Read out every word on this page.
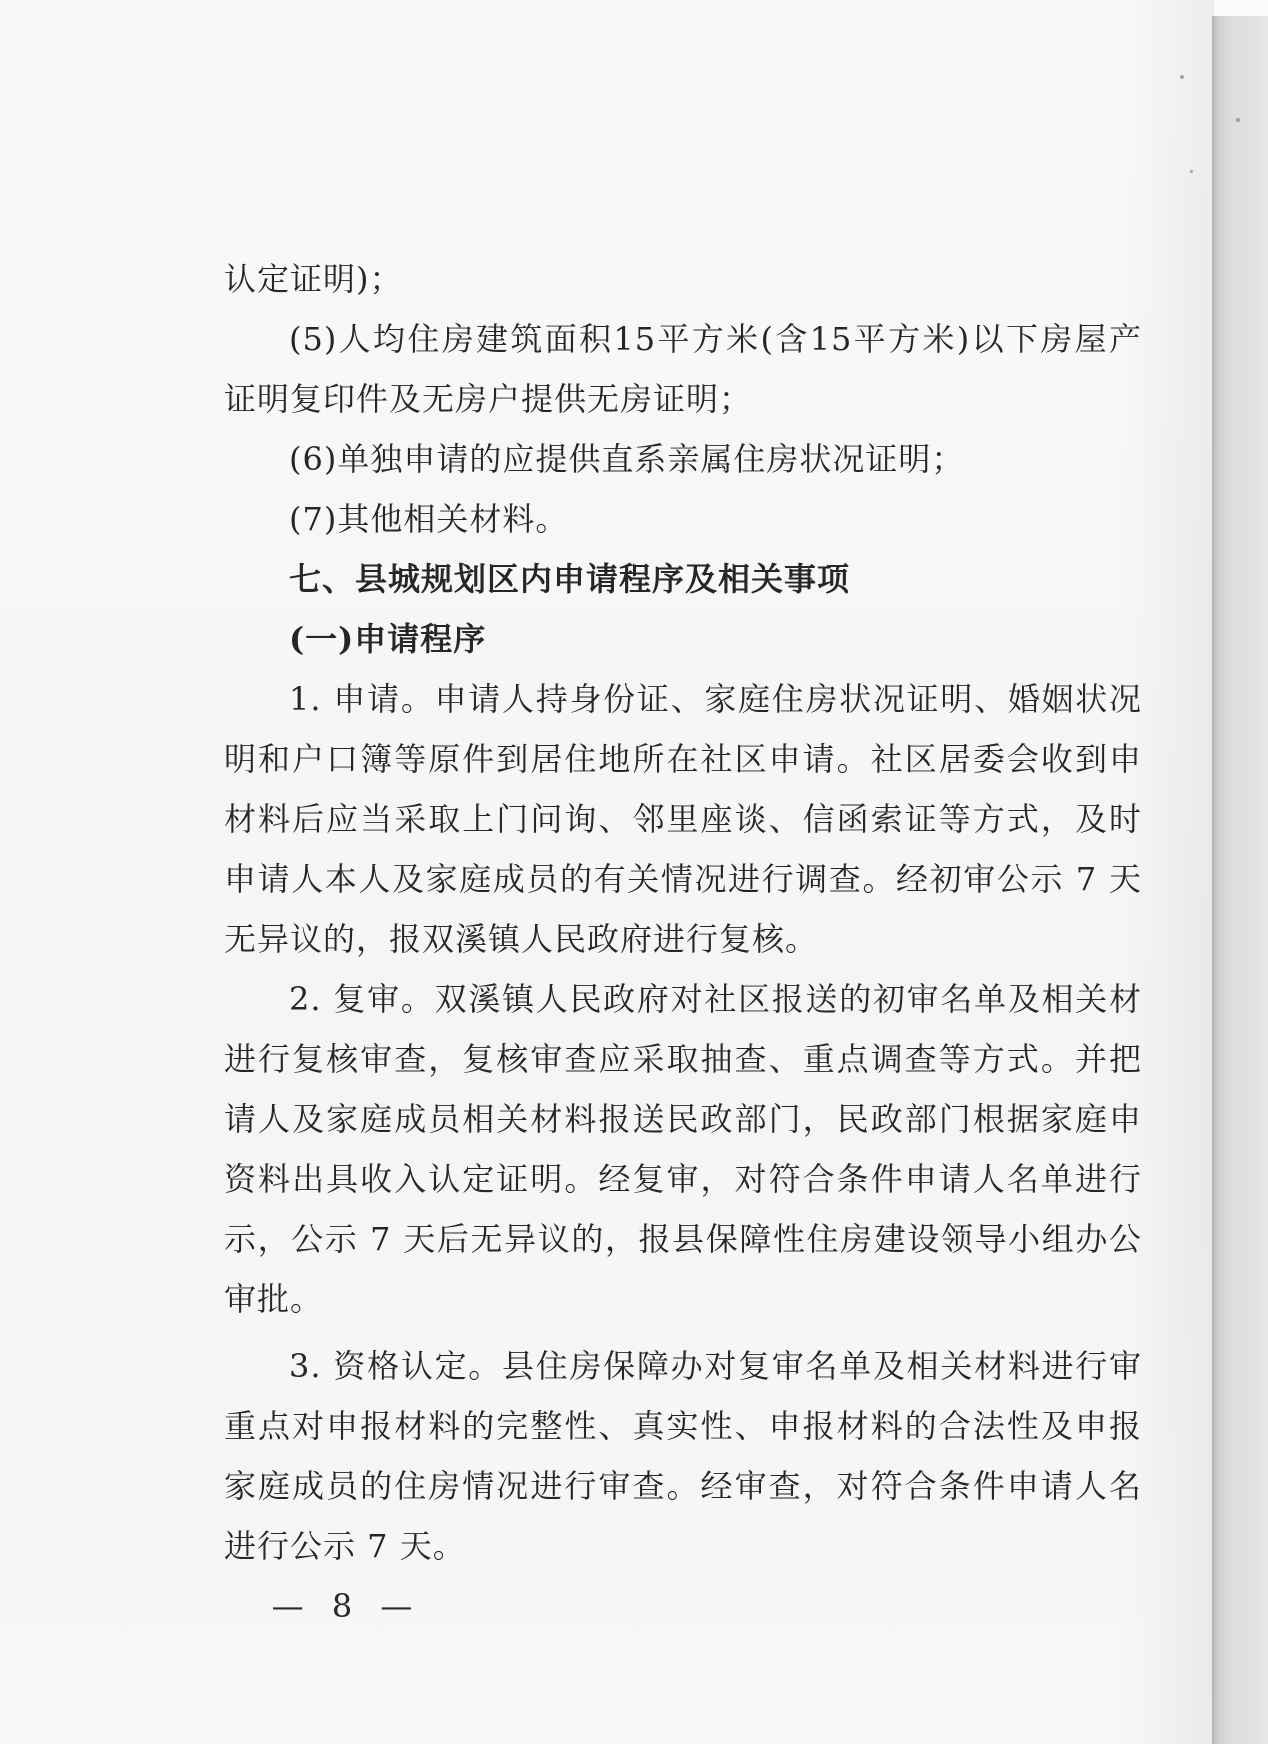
认定证明)；
(5)人均住房建筑面积15平方米(含15平方米)以下房屋产
证明复印件及无房户提供无房证明；
(6)单独申请的应提供直系亲属住房状况证明；
(7)其他相关材料。
七、县城规划区内申请程序及相关事项
(一)申请程序
1. 申请。申请人持身份证、家庭住房状况证明、婚姻状况
明和户口簿等原件到居住地所在社区申请。社区居委会收到申
材料后应当采取上门问询、邻里座谈、信函索证等方式，及时
申请人本人及家庭成员的有关情况进行调查。经初审公示 7 天
无异议的，报双溪镇人民政府进行复核。
2. 复审。双溪镇人民政府对社区报送的初审名单及相关材
进行复核审查，复核审查应采取抽查、重点调查等方式。并把
请人及家庭成员相关材料报送民政部门，民政部门根据家庭申
资料出具收入认定证明。经复审，对符合条件申请人名单进行
示，公示 7 天后无异议的，报县保障性住房建设领导小组办公
审批。
3. 资格认定。县住房保障办对复审名单及相关材料进行审
重点对申报材料的完整性、真实性、申报材料的合法性及申报
家庭成员的住房情况进行审查。经审查，对符合条件申请人名
进行公示 7 天。
— 8 —
